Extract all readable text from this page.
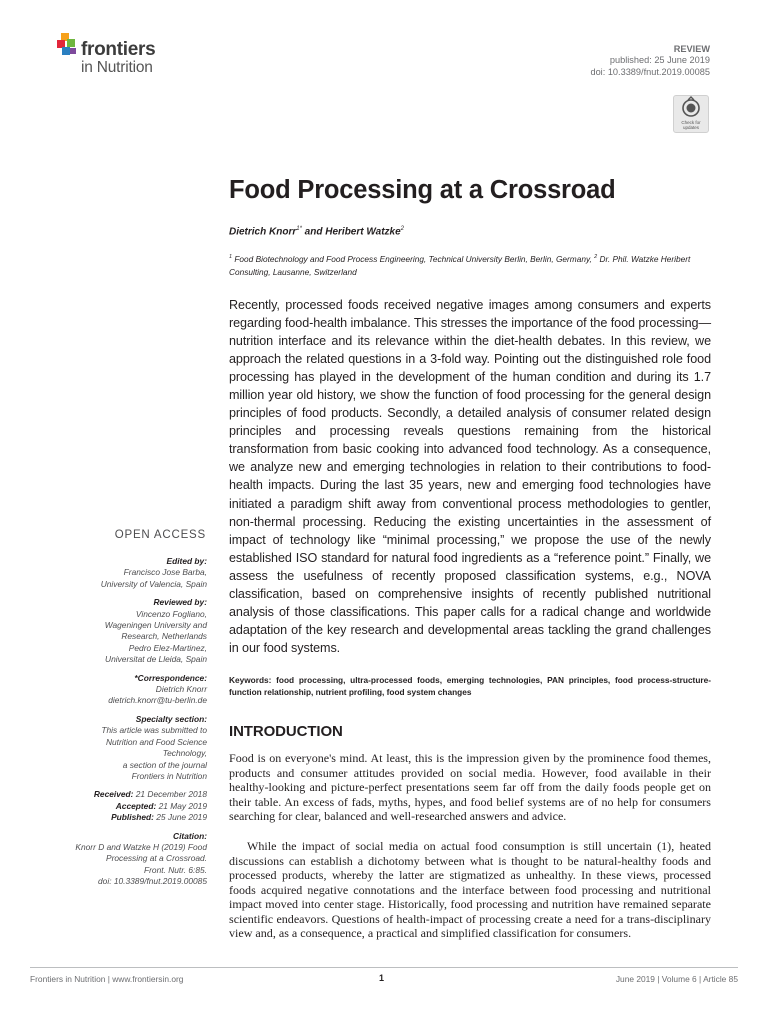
frontiers
in Nutrition
REVIEW
published: 25 June 2019
doi: 10.3389/fnut.2019.00085
Check for updates
Food Processing at a Crossroad
Dietrich Knorr$^{1*}$ and Heribert Watzke$^2$
$^1$ Food Biotechnology and Food Process Engineering, Technical University Berlin, Berlin, Germany, $^2$ Dr. Phil. Watzke Heribert Consulting, Lausanne, Switzerland

Recently, processed foods received negative images among consumers and experts regarding food-health imbalance. This stresses the importance of the food processing—nutrition interface and its relevance within the diet-health debates. In this review, we approach the related questions in a 3-fold way. Pointing out the distinguished role food processing has played in the development of the human condition and during its 1.7 million year old history, we show the function of food processing for the general design principles of food products. Secondly, a detailed analysis of consumer related design principles and processing reveals questions remaining from the historical transformation from basic cooking into advanced food technology. As a consequence, we analyze new and emerging technologies in relation to their contributions to food-health impacts. During the last 35 years, new and emerging food technologies have initiated a paradigm shift away from conventional process methodologies to gentler, non-thermal processing. Reducing the existing uncertainties in the assessment of impact of technology like “minimal processing,” we propose the use of the newly established ISO standard for natural food ingredients as a “reference point.” Finally, we assess the usefulness of recently proposed classification systems, e.g., NOVA classification, based on comprehensive insights of recently published nutritional analysis of those classifications. This paper calls for a radical change and worldwide adaptation of the key research and developmental areas tackling the grand challenges in our food systems.

Keywords: food processing, ultra-processed foods, emerging technologies, PAN principles, food process-structure-function relationship, nutrient profiling, food system changes
INTRODUCTION

Food is on everyone's mind. At least, this is the impression given by the prominence food themes, products and consumer attitudes provided on social media. However, food available in their healthy-looking and picture-perfect presentations seem far off from the daily foods people get on their table. An excess of fads, myths, hypes, and food belief systems are of no help for consumers searching for clear, balanced and well-researched answers and advice.

While the impact of social media on actual food consumption is still uncertain (1), heated discussions can establish a dichotomy between what is thought to be natural-healthy foods and processed products, whereby the latter are stigmatized as unhealthy. In these views, processed foods acquired negative connotations and the interface between food processing and nutritional impact moved into center stage. Historically, food processing and nutrition have remained separate scientific endeavors. Questions of health-impact of processing create a need for a trans-disciplinary view and, as a consequence, a practical and simplified classification for consumers.

OPEN ACCESS
Edited by:
Francisco Jose Barba,
University of Valencia, Spain
Reviewed by:
Vincenzo Fogliano,
Wageningen University and
Research, Netherlands
Pedro Elez-Martinez,
Universitat de Lleida, Spain
*Correspondence:
Dietrich Knorr
dietrich.knorr@tu-berlin.de
Specialty section:
This article was submitted to
Nutrition and Food Science
Technology,
a section of the journal
Frontiers in Nutrition
Received: 21 December 2018
Accepted: 21 May 2019
Published: 25 June 2019
Citation:
Knorr D and Watzke H (2019) Food
Processing at a Crossroad.
Front. Nutr. 6:85.
doi: 10.3389/fnut.2019.00085
Frontiers in Nutrition | www.frontiersin.org	1	June 2019 | Volume 6 | Article 85
